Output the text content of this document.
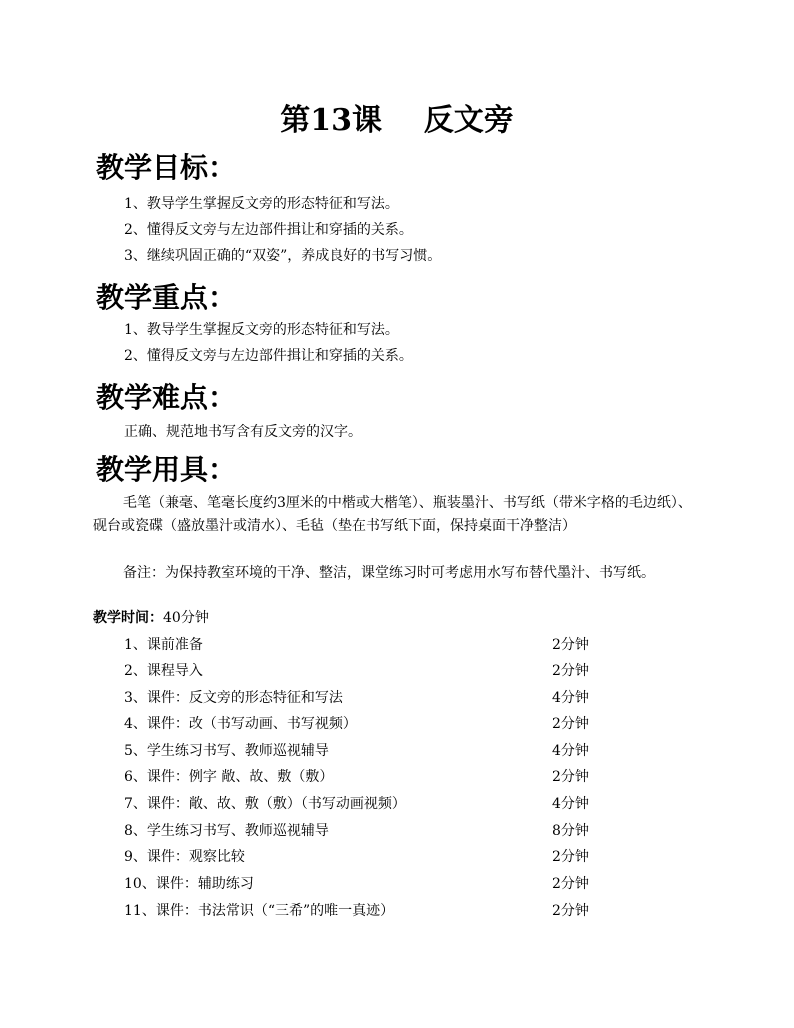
第13课    反文旁
教学目标：
1、教导学生掌握反文旁的形态特征和写法。
2、懂得反文旁与左边部件揖让和穿插的关系。
3、继续巩固正确的“双姿”，养成良好的书写习惯。
教学重点：
1、教导学生掌握反文旁的形态特征和写法。
2、懂得反文旁与左边部件揖让和穿插的关系。
教学难点：
正确、规范地书写含有反文旁的汉字。
教学用具：
毛笔（兼毫、笔毫长度约3厘米的中楷或大楷笔）、瓶装墨汁、书写纸（带米字格的毛边纸）、砚台或瓷碟（盛放墨汁或清水）、毛毡（垫在书写纸下面，保持桌面干净整洁）
备注：为保持教室环境的干净、整洁，课堂练习时可考虑用水写布替代墨汁、书写纸。
教学时间：40分钟
1、课前准备	2分钟
2、课程导入	2分钟
3、课件：反文旁的形态特征和写法	4分钟
4、课件：改（书写动画、书写视频）	2分钟
5、学生练习书写、教师巡视辅导	4分钟
6、课件：例字 敞、故、敷（敷）	2分钟
7、课件：敞、故、敷（敷）（书写动画视频）	4分钟
8、学生练习书写、教师巡视辅导	8分钟
9、课件：观察比较	2分钟
10、课件：辅助练习	2分钟
11、课件：书法常识（“三希”的唯一真迹）	2分钟
